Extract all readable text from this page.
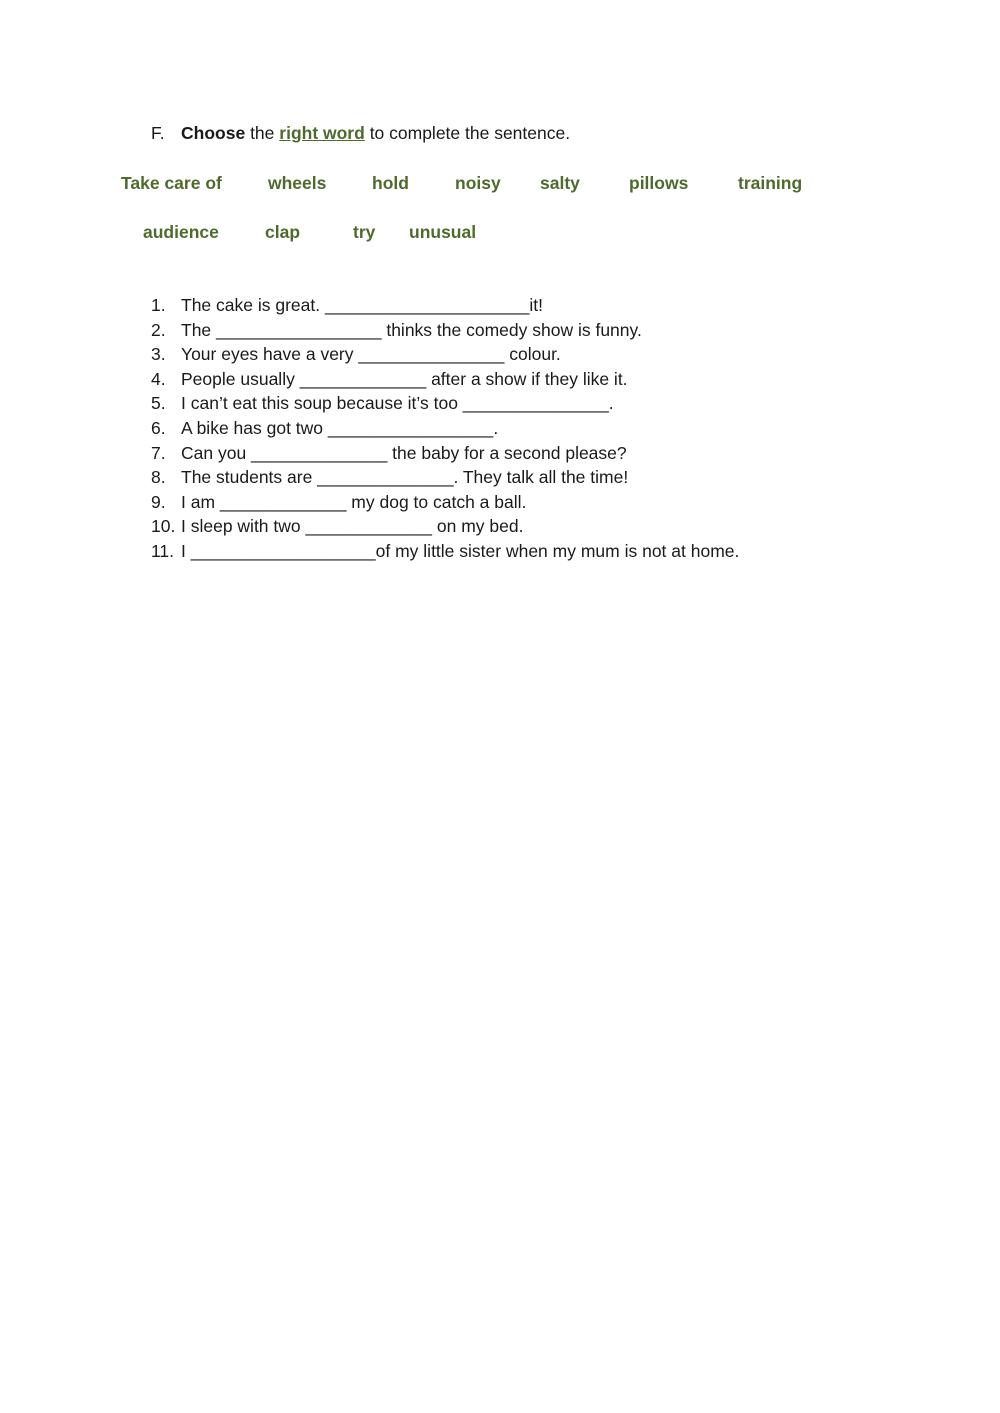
F. Choose the right word to complete the sentence.
Take care of	wheels	hold	noisy salty	pillows	training
audience	clap	try unusual
1. The cake is great. _____________________it!
2. The _________________ thinks the comedy show is funny.
3. Your eyes have a very _______________ colour.
4. People usually _____________ after a show if they like it.
5. I can’t eat this soup because it’s too _______________.
6. A bike has got two _________________.
7. Can you ______________ the baby for a second please?
8. The students are ______________. They talk all the time!
9. I am _____________ my dog to catch a ball.
10. I sleep with two _____________ on my bed.
11. I ___________________of my little sister when my mum is not at home.
